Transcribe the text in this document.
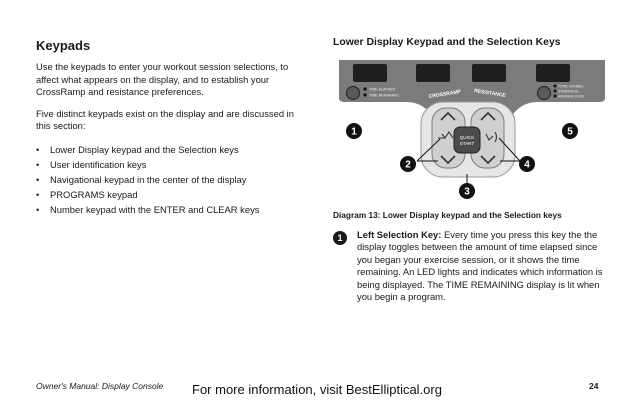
Keypads

Use the keypads to enter your workout session selections, to affect what appears on the display, and to establish your CrossRamp and resistance preferences.

Five distinct keypads exist on the display and are discussed in this section:

• Lower Display keypad and the Selection keys
• User identification keys
• Navigational keypad in the center of the display
• PROGRAMS keypad
• Number keypad with the ENTER and CLEAR keys
Lower Display Keypad and the Selection Keys
TIME ELAPSED
TIME REMAINING
TOTAL STRIDES
STRIDES/min
AVERAGE LEVEL
CROSSRAMP RESISTANCE
QUICK
START
1
2
3
4
5
Diagram 13: Lower Display keypad and the Selection keys
1	Left Selection Key: Every time you press this key the the display toggles between the amount of time elapsed since you began your exercise session, or it shows the time remaining. An LED lights and indicates which information is being displayed. The TIME REMAINING display is lit when you begin a program.
Owner's Manual: Display Console For more information, visit BestElliptical.org	24
